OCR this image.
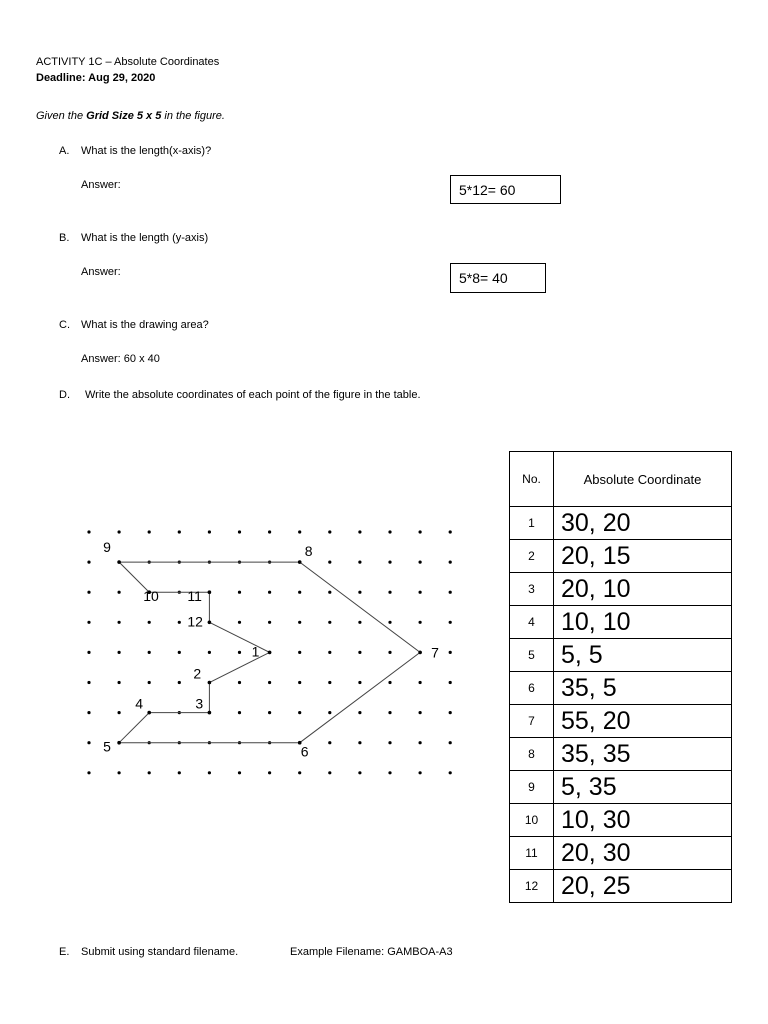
ACTIVITY 1C – Absolute Coordinates
Deadline: Aug 29, 2020
Given the Grid Size 5 x 5 in the figure.
A. What is the length(x-axis)?
Answer:	5*12= 60
B. What is the length (y-axis)
Answer:	5*8= 40
C. What is the drawing area?
Answer: 60 x 40
D. Write the absolute coordinates of each point of the figure in the table.
1
2
3
4
5	6
7
8
9
10 11
12
No.	Absolute Coordinate
1	30, 20
2	20, 15
3	20, 10
4	10, 10
5	5, 5
6	35, 5
7	55, 20
8	35, 35
9	5, 35
10	10, 30
11	20, 30
12	20, 25
E. Submit using standard filename.	Example Filename: GAMBOA-A3
